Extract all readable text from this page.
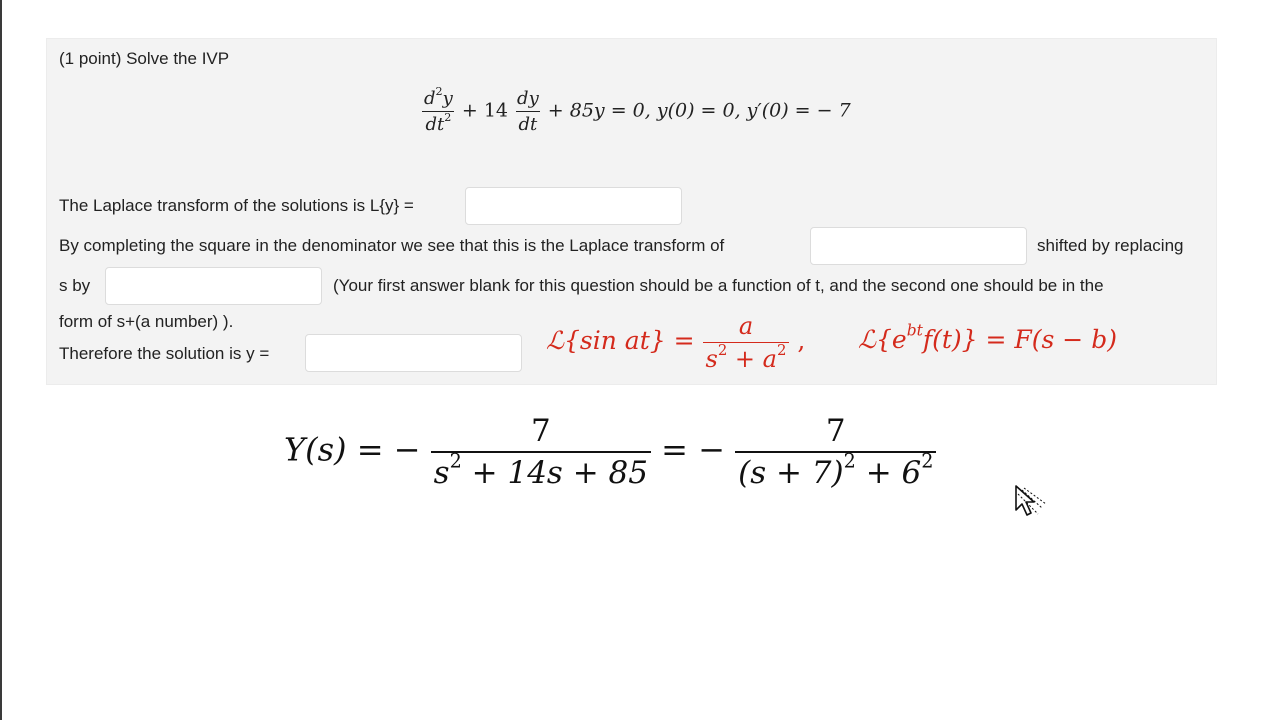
(1 point) Solve the IVP
The Laplace transform of the solutions is L{y} =
By completing the square in the denominator we see that this is the Laplace transform of	shifted by replacing
s by	(Your first answer blank for this question should be a function of t, and the second one should be in the
form of s+(a number) ).
Therefore the solution is y =
$\frac{d^2y}{dt^2} + 14 \frac{dy}{dt} + 85y = 0$, y(0) = 0, y′(0) = − 7
ℒ{sin $at\} = \frac{a}{s^2 + a^2}$ , $ℒ\{e^{bt}f(t)\} = F(s - b)$
Y(s) = − $\frac{7}{s^2 + 14s + 85}$ = − $\frac{7}{(s + 7)^2 + 6^2}$
